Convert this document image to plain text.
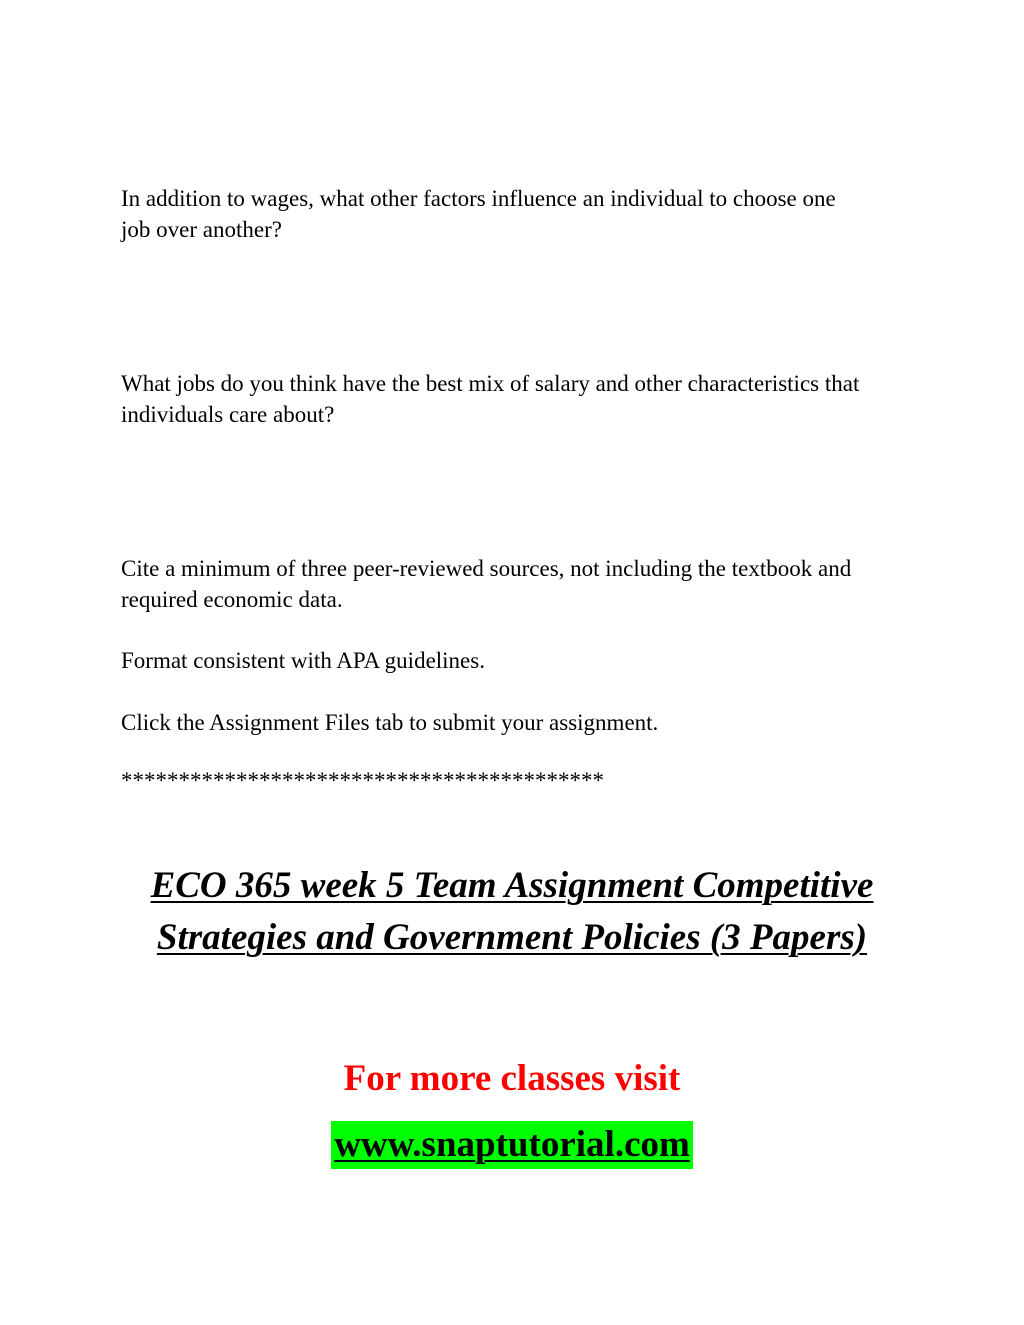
In addition to wages, what other factors influence an individual to choose one job over another?

What jobs do you think have the best mix of salary and other characteristics that individuals care about?

Cite a minimum of three peer-reviewed sources, not including the textbook and required economic data.

Format consistent with APA guidelines.

Click the Assignment Files tab to submit your assignment.

******************************************

ECO 365 week 5 Team Assignment Competitive
Strategies and Government Policies (3 Papers)

For more classes visit

www.snaptutorial.com
